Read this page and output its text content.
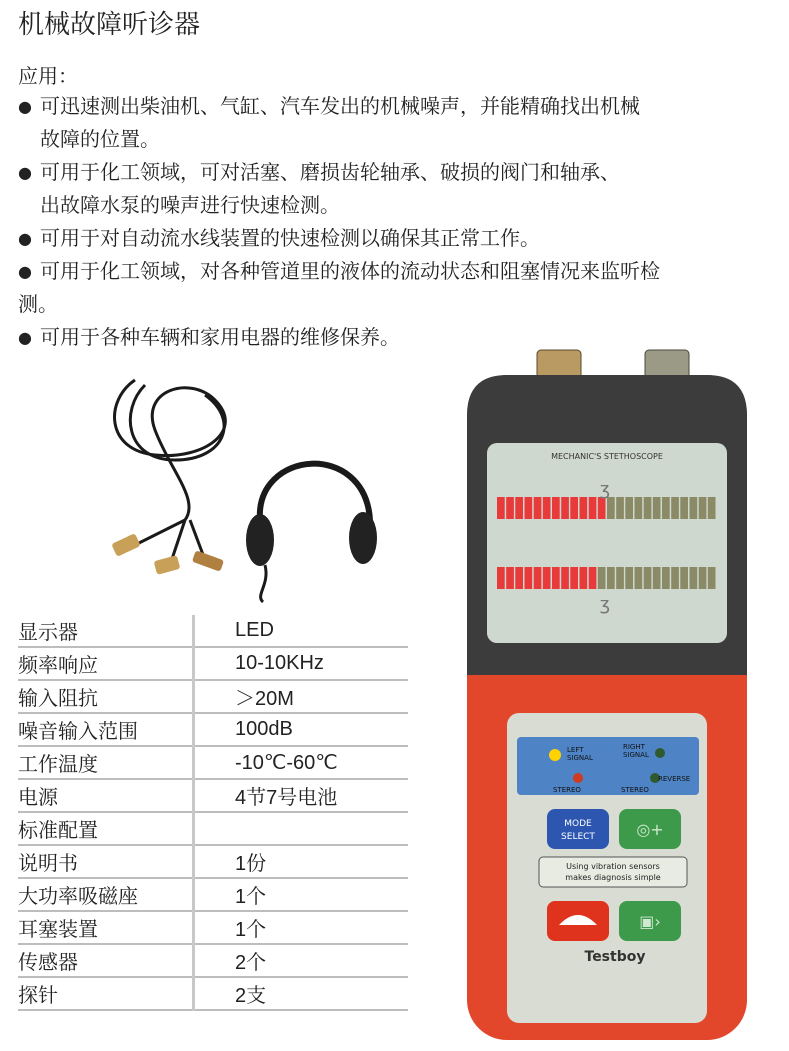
机械故障听诊器
应用：
● 可迅速测出柴油机、气缸、汽车发出的机械噪声，并能精确找出机械
故障的位置。
● 可用于化工领域，可对活塞、磨损齿轮轴承、破损的阀门和轴承、
出故障水泵的噪声进行快速检测。
● 可用于对自动流水线装置的快速检测以确保其正常工作。
● 可用于化工领域，对各种管道里的液体的流动状态和阻塞情况来监听检
测。
● 可用于各种车辆和家用电器的维修保养。
显示器	LED
频率响应	10-10KHz
输入阻抗	＞20M
噪音输入范围	100dB
工作温度	-10℃-60℃
电源	4节7号电池
标准配置	
说明书	1份
大功率吸磁座	1个
耳塞装置	1个
传感器	2个
探针	2支
MECHANIC'S STETHOSCOPE
ʒ
ʒ
LEFT
SIGNAL
RIGHT
SIGNAL
STEREO	STEREO
REVERSE
MODE
SELECT	◎+
Using vibration sensors
makes diagnosis simple
▣›
Testboy
